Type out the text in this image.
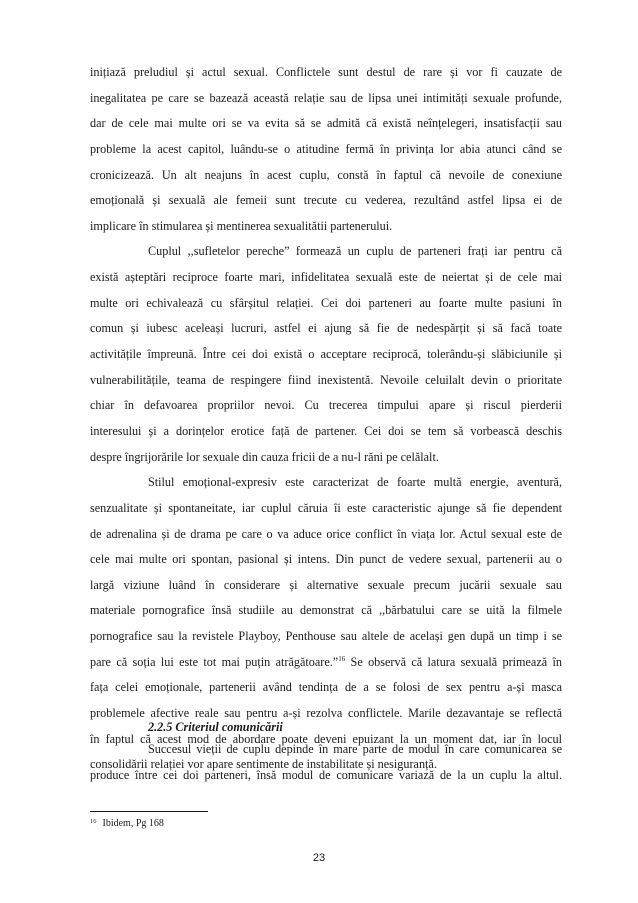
inițiază preludiul și actul sexual. Conflictele sunt destul de rare și vor fi cauzate de
inegalitatea pe care se bazează această relație sau de lipsa unei intimități sexuale profunde,
dar de cele mai multe ori se va evita să se admită că există neînțelegeri, insatisfacții sau
probleme la acest capitol, luându-se o atitudine fermă în privința lor abia atunci când se
cronicizează. Un alt neajuns în acest cuplu, constă în faptul că nevoile de conexiune
emoțională și sexuală ale femeii sunt trecute cu vederea, rezultând astfel lipsa ei de
implicare în stimularea și mentinerea sexualitătii partenerului.
Cuplul ,,sufletelor pereche” formează un cuplu de parteneri frați iar pentru că
există așteptări reciproce foarte mari, infidelitatea sexuală este de neiertat și de cele mai
multe ori echivalează cu sfârșitul relației. Cei doi parteneri au foarte multe pasiuni în
comun și iubesc aceleași lucruri, astfel ei ajung să fie de nedespărțit și să facă toate
activitățile împreună. Între cei doi există o acceptare reciprocă, tolerându-și slăbiciunile și
vulnerabilitățile, teama de respingere fiind inexistentă. Nevoile celuilalt devin o prioritate
chiar în defavoarea propriilor nevoi. Cu trecerea timpului apare și riscul pierderii
interesului și a dorințelor erotice față de partener. Cei doi se tem să vorbească deschis
despre îngrijorările lor sexuale din cauza fricii de a nu-l răni pe celălalt.
Stilul emoțional-expresiv este caracterizat de foarte multă energie, aventură,
senzualitate și spontaneitate, iar cuplul căruia îi este caracteristic ajunge să fie dependent
de adrenalina și de drama pe care o va aduce orice conflict în viața lor. Actul sexual este de
cele mai multe ori spontan, pasional și intens. Din punct de vedere sexual, partenerii au o
largă viziune luând în considerare și alternative sexuale precum jucării sexuale sau
materiale pornografice însă studiile au demonstrat că ,,bărbatului care se uită la filmele
pornografice sau la revistele Playboy, Penthouse sau altele de același gen după un timp i se
pare că soția lui este tot mai puțin atrăgătoare.”$^{16}$ Se observă că latura sexuală primează în
fața celei emoționale, partenerii având tendința de a se folosi de sex pentru a-și masca
problemele afective reale sau pentru a-și rezolva conflictele. Marile dezavantaje se reflectă
în faptul că acest mod de abordare poate deveni epuizant la un moment dat, iar în locul
consolidării relației vor apare sentimente de instabilitate și nesiguranță.
2.2.5 Criteriul comunicării
Succesul vieții de cuplu depinde în mare parte de modul în care comunicarea se
produce între cei doi parteneri, însă modul de comunicare variază de la un cuplu la altul.
$^{16}$ Ibidem, Pg 168
23
